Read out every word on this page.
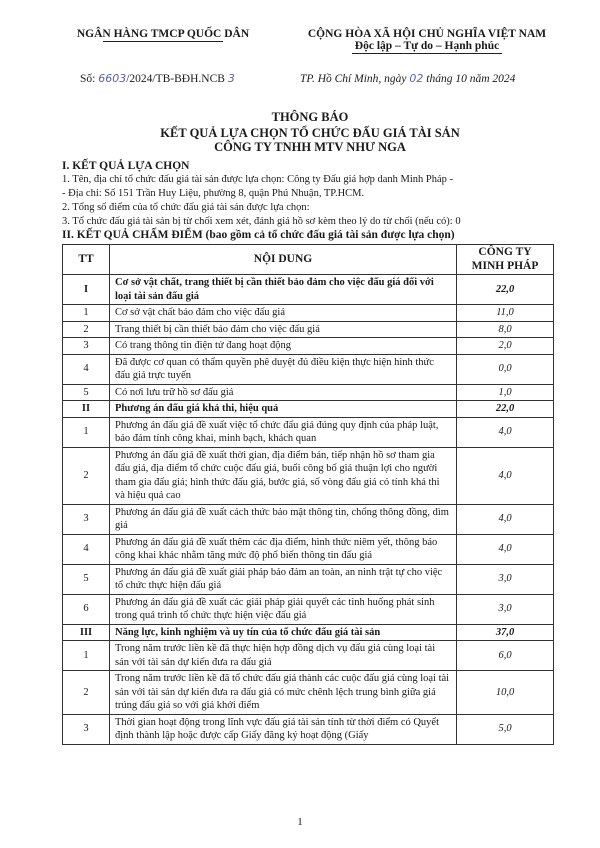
NGÂN HÀNG TMCP QUỐC DÂN	CỘNG HÒA XÃ HỘI CHỦ NGHĨA VIỆT NAM
Độc lập – Tự do – Hạnh phúc
Số: 6603/2024/TB-BĐH.NCB 3	TP. Hồ Chí Minh, ngày 02 tháng 10 năm 2024
THÔNG BÁO
KẾT QUẢ LỰA CHỌN TỔ CHỨC ĐẤU GIÁ TÀI SẢN
CÔNG TY TNHH MTV NHƯ NGA
I. KẾT QUẢ LỰA CHỌN
1. Tên, địa chỉ tổ chức đấu giá tài sản được lựa chọn: Công ty Đấu giá hợp danh Minh Pháp -
- Địa chỉ: Số 151 Trần Huy Liệu, phường 8, quận Phú Nhuận, TP.HCM.
2. Tổng số điểm của tổ chức đấu giá tài sản được lựa chọn:
3. Tổ chức đấu giá tài sản bị từ chối xem xét, đánh giá hồ sơ kèm theo lý do từ chối (nếu có): 0
II. KẾT QUẢ CHẤM ĐIỂM (bao gồm cả tổ chức đấu giá tài sản được lựa chọn)
TT	NỘI DUNG	CÔNG TY MINH PHÁP
I	Cơ sở vật chất, trang thiết bị cần thiết bảo đảm cho việc đấu giá đối với loại tài sản đấu giá	22,0
1	Cơ sở vật chất bảo đảm cho việc đấu giá	11,0
2	Trang thiết bị cần thiết bảo đảm cho việc đấu giá	8,0
3	Có trang thông tin điện tử đang hoạt động	2,0
4	Đã được cơ quan có thẩm quyền phê duyệt đủ điều kiện thực hiện hình thức đấu giá trực tuyến	0,0
5	Có nơi lưu trữ hồ sơ đấu giá	1,0
II	Phương án đấu giá khả thi, hiệu quả	22,0
1	Phương án đấu giá đề xuất việc tổ chức đấu giá đúng quy định của pháp luật, bảo đảm tính công khai, minh bạch, khách quan	4,0
2	Phương án đấu giá đề xuất thời gian, địa điểm bán, tiếp nhận hồ sơ tham gia đấu giá, địa điểm tổ chức cuộc đấu giá, buổi công bố giá thuận lợi cho người tham gia đấu giá; hình thức đấu giá, bước giá, số vòng đấu giá có tính khả thi và hiệu quả cao	4,0
3	Phương án đấu giá đề xuất cách thức bảo mật thông tin, chống thông đồng, dìm giá	4,0
4	Phương án đấu giá đề xuất thêm các địa điểm, hình thức niêm yết, thông báo công khai khác nhằm tăng mức độ phổ biến thông tin đấu giá	4,0
5	Phương án đấu giá đề xuất giải pháp bảo đảm an toàn, an ninh trật tự cho việc tổ chức thực hiện đấu giá	3,0
6	Phương án đấu giá đề xuất các giải pháp giải quyết các tình huống phát sinh trong quá trình tổ chức thực hiện việc đấu giá	3,0
III	Năng lực, kinh nghiệm và uy tín của tổ chức đấu giá tài sản	37,0
1	Trong năm trước liền kề đã thực hiện hợp đồng dịch vụ đấu giá cùng loại tài sản với tài sản dự kiến đưa ra đấu giá	6,0
2	Trong năm trước liền kề đã tổ chức đấu giá thành các cuộc đấu giá cùng loại tài sản với tài sản dự kiến đưa ra đấu giá có mức chênh lệch trung bình giữa giá trúng đấu giá so với giá khởi điểm	10,0
3	Thời gian hoạt động trong lĩnh vực đấu giá tài sản tính từ thời điểm có Quyết định thành lập hoặc được cấp Giấy đăng ký hoạt động (Giấy	5,0
1
